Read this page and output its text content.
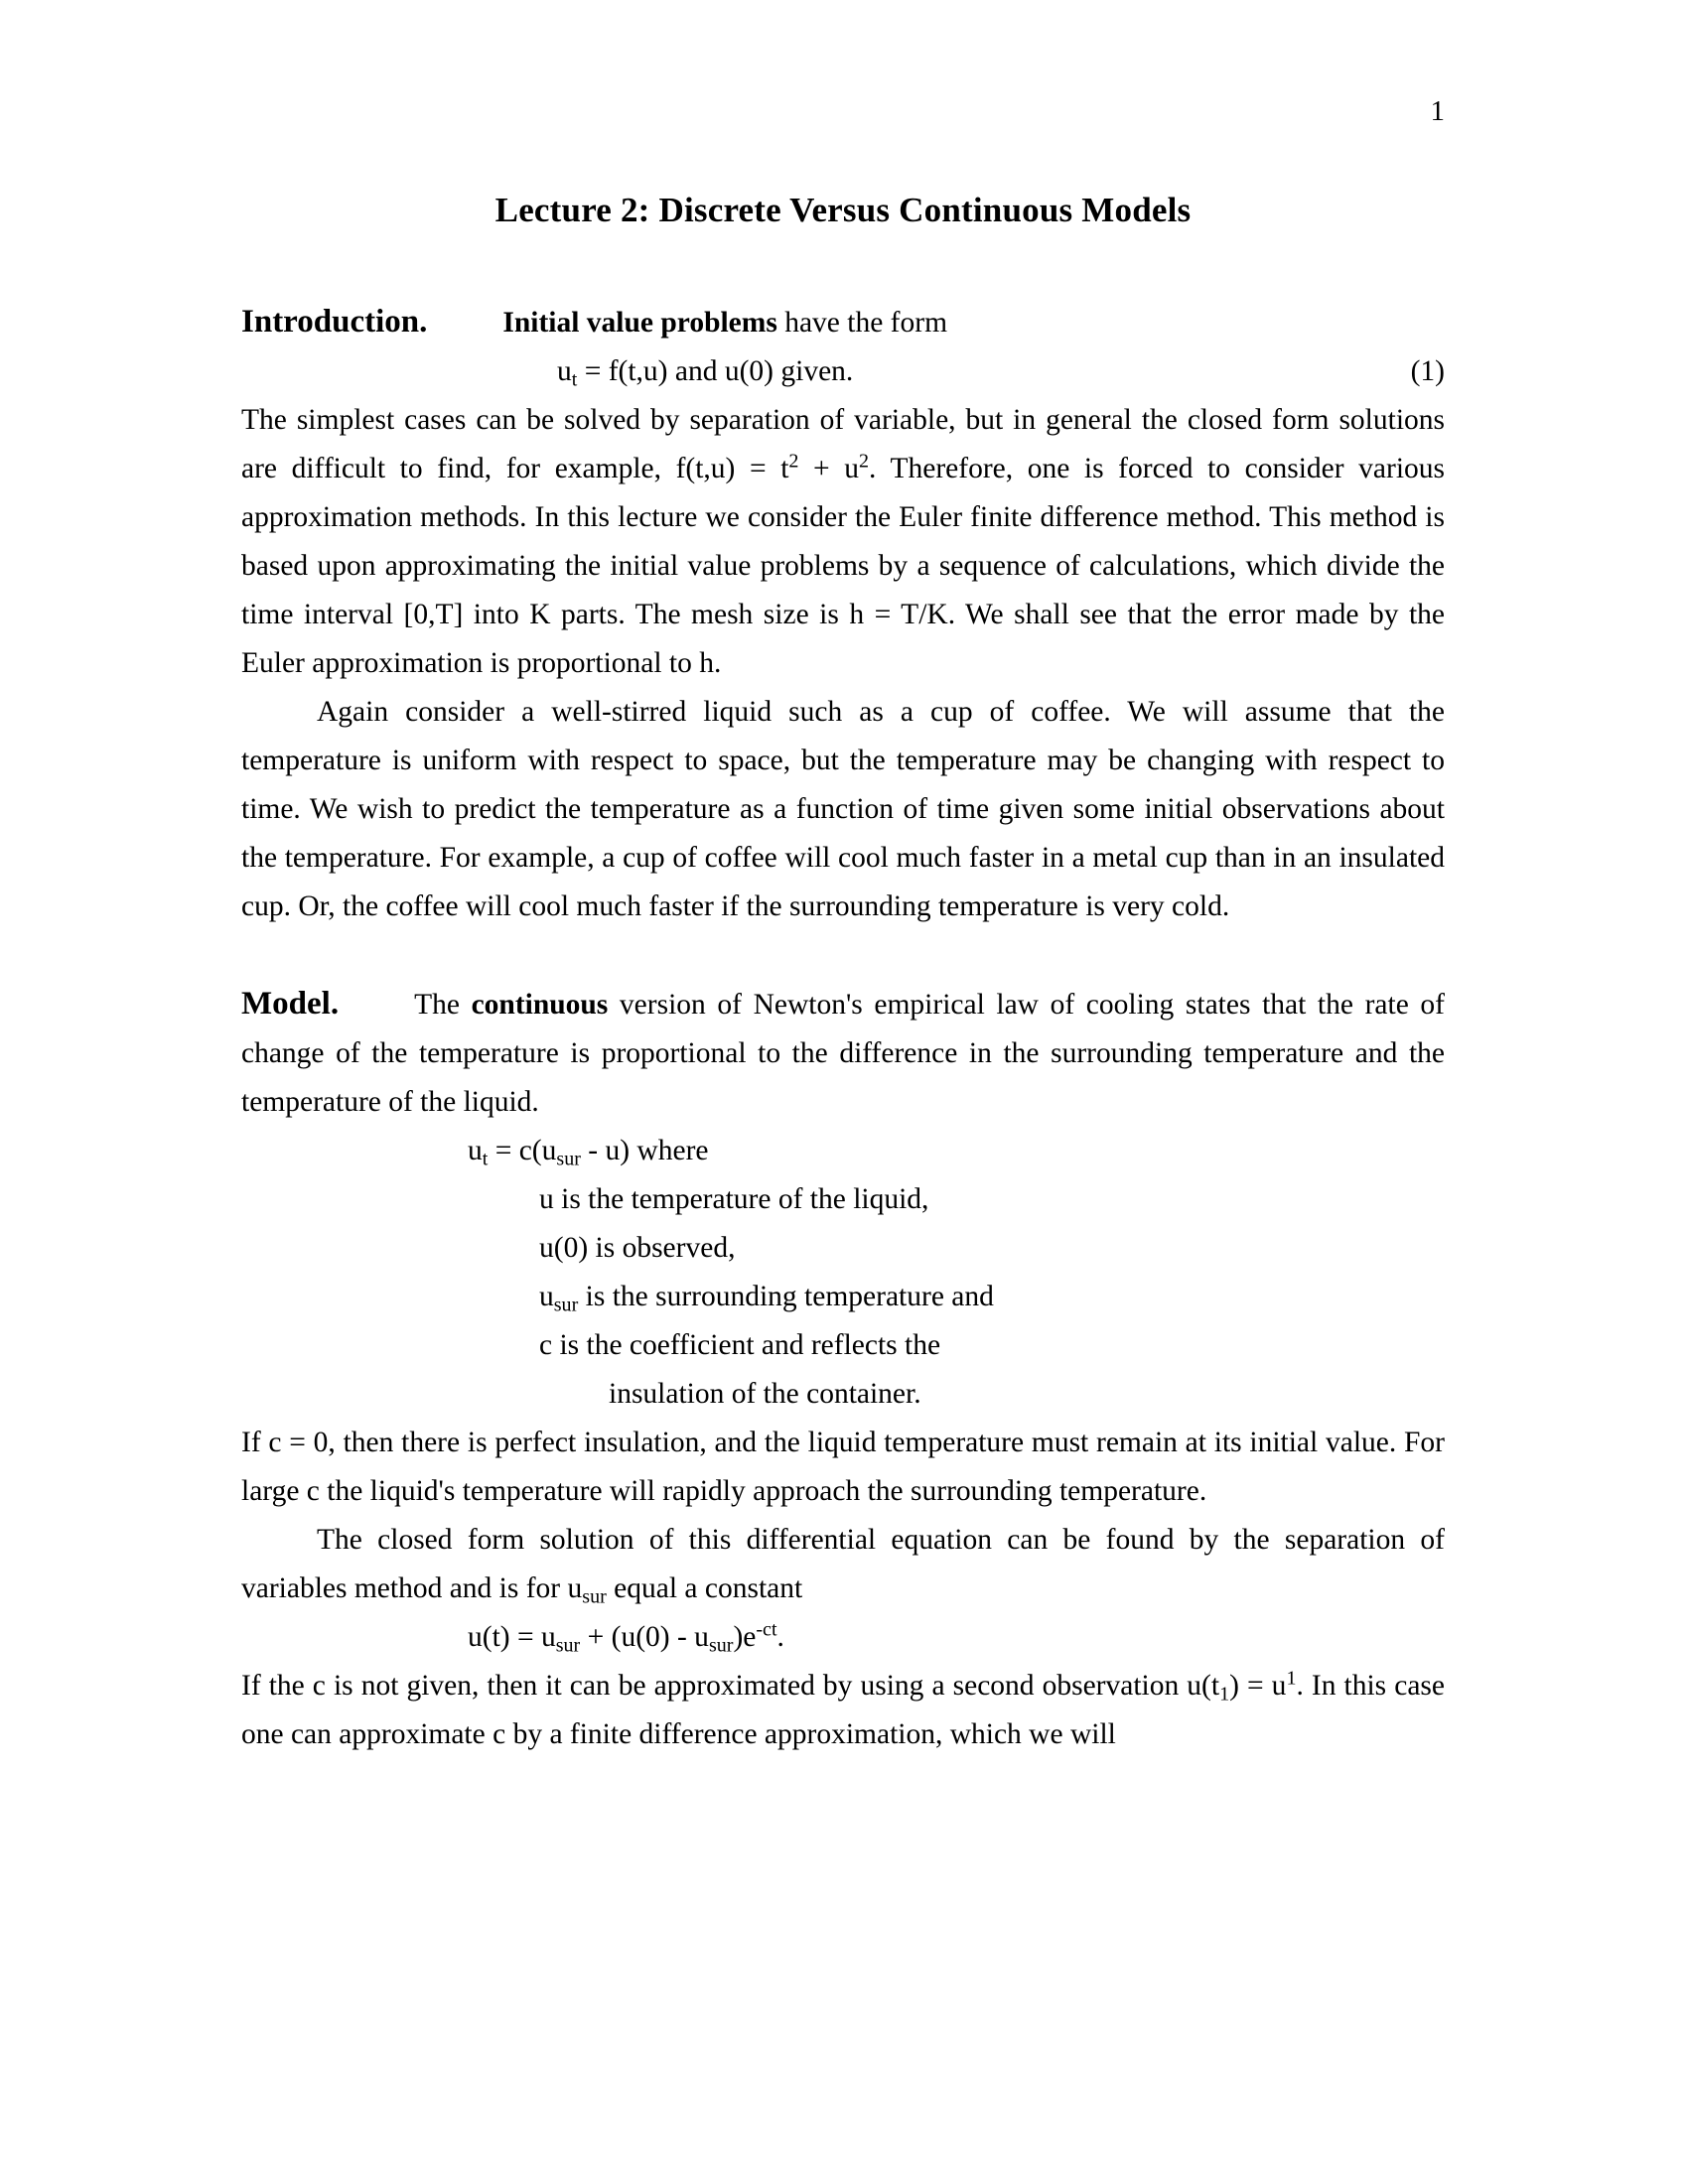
1
Lecture 2: Discrete Versus Continuous Models

Introduction.	Initial value problems have the form

$u_t = f(t,u)$ and u(0) given.	(1)

The simplest cases can be solved by separation of variable, but in general the closed form solutions are difficult to find, for example, $f(t,u) = t^2 + u^2$. Therefore, one is forced to consider various approximation methods. In this lecture we consider the Euler finite difference method. This method is based upon approximating the initial value problems by a sequence of calculations, which divide the time interval [0,T] into K parts. The mesh size is h = T/K. We shall see that the error made by the Euler approximation is proportional to h.

Again consider a well-stirred liquid such as a cup of coffee. We will assume that the temperature is uniform with respect to space, but the temperature may be changing with respect to time. We wish to predict the temperature as a function of time given some initial observations about the temperature. For example, a cup of coffee will cool much faster in a metal cup than in an insulated cup. Or, the coffee will cool much faster if the surrounding temperature is very cold.

Model.	The continuous version of Newton's empirical law of cooling states that the rate of change of the temperature is proportional to the difference in the surrounding temperature and the temperature of the liquid.

$u_t = c(u_{sur} - u)$ where
u is the temperature of the liquid,
u(0) is observed,
$u_{sur}$ is the surrounding temperature and
c is the coefficient and reflects the
insulation of the container.

If c = 0, then there is perfect insulation, and the liquid temperature must remain at its initial value. For large c the liquid's temperature will rapidly approach the surrounding temperature.

The closed form solution of this differential equation can be found by the separation of variables method and is for $u_{sur}$ equal a constant

$u(t) = u_{sur} + (u(0) - u_{sur})e^{-ct}$.

If the c is not given, then it can be approximated by using a second observation $u(t_1) = u^1$. In this case one can approximate c by a finite difference approximation, which we will
